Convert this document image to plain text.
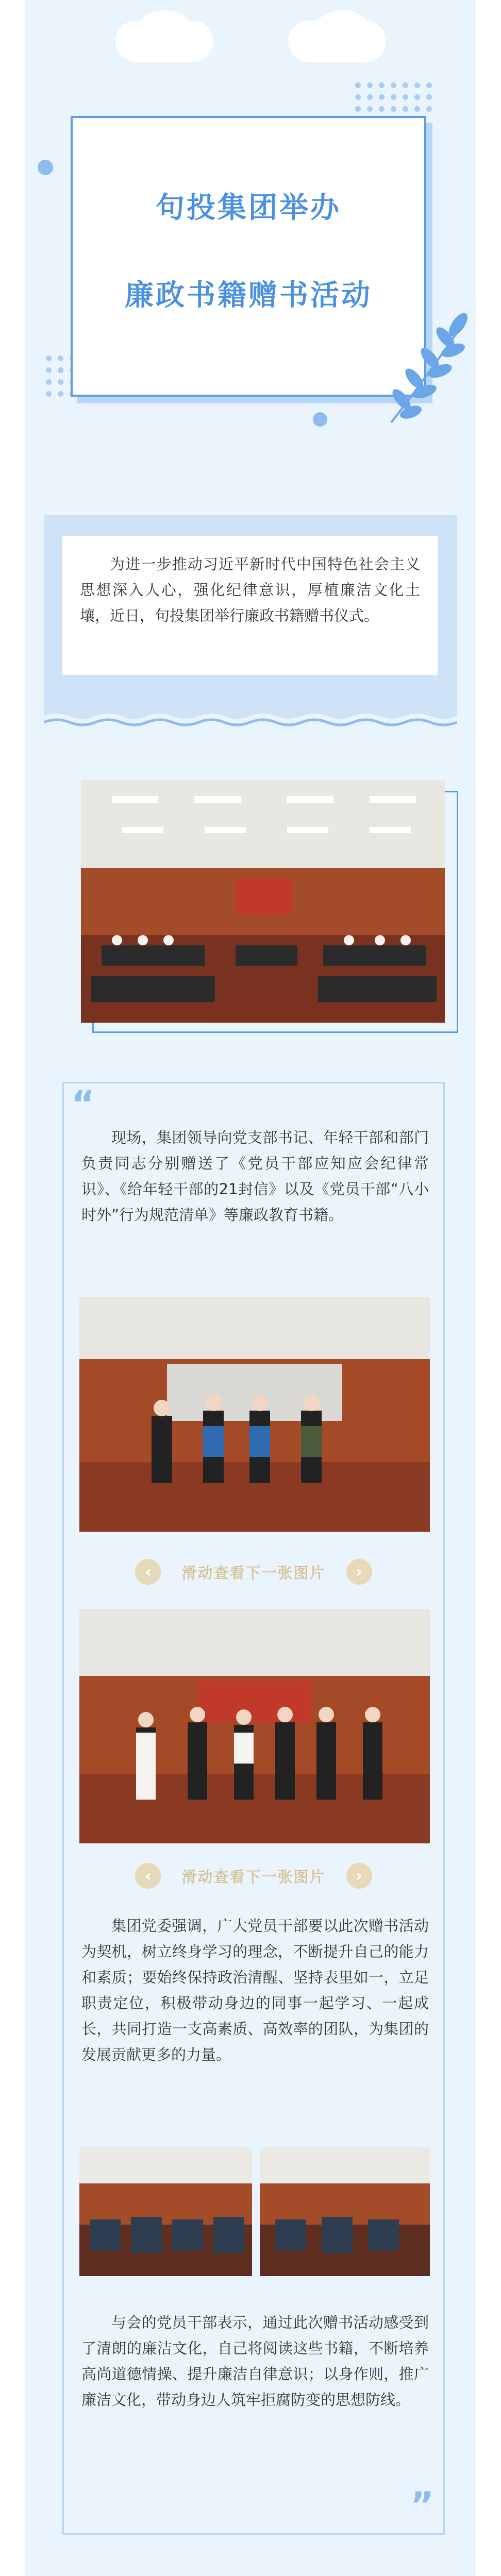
句投集团举办
廉政书籍赠书活动

为进一步推动习近平新时代中国特色社会主义思想深入人心，强化纪律意识，厚植廉洁文化土壤，近日，句投集团举行廉政书籍赠书仪式。

“

现场，集团领导向党支部书记、年轻干部和部门负责同志分别赠送了《党员干部应知应会纪律常识》、《给年轻干部的21封信》以及《党员干部“八小时外”行为规范清单》等廉政教育书籍。

‹	滑动查看下一张图片	›
‹	滑动查看下一张图片	›

集团党委强调，广大党员干部要以此次赠书活动为契机，树立终身学习的理念，不断提升自己的能力和素质；要始终保持政治清醒、坚持表里如一，立足职责定位，积极带动身边的同事一起学习、一起成长，共同打造一支高素质、高效率的团队，为集团的发展贡献更多的力量。

与会的党员干部表示，通过此次赠书活动感受到了清朗的廉洁文化，自己将阅读这些书籍，不断培养高尚道德情操、提升廉洁自律意识；以身作则，推广廉洁文化，带动身边人筑牢拒腐防变的思想防线。

”
